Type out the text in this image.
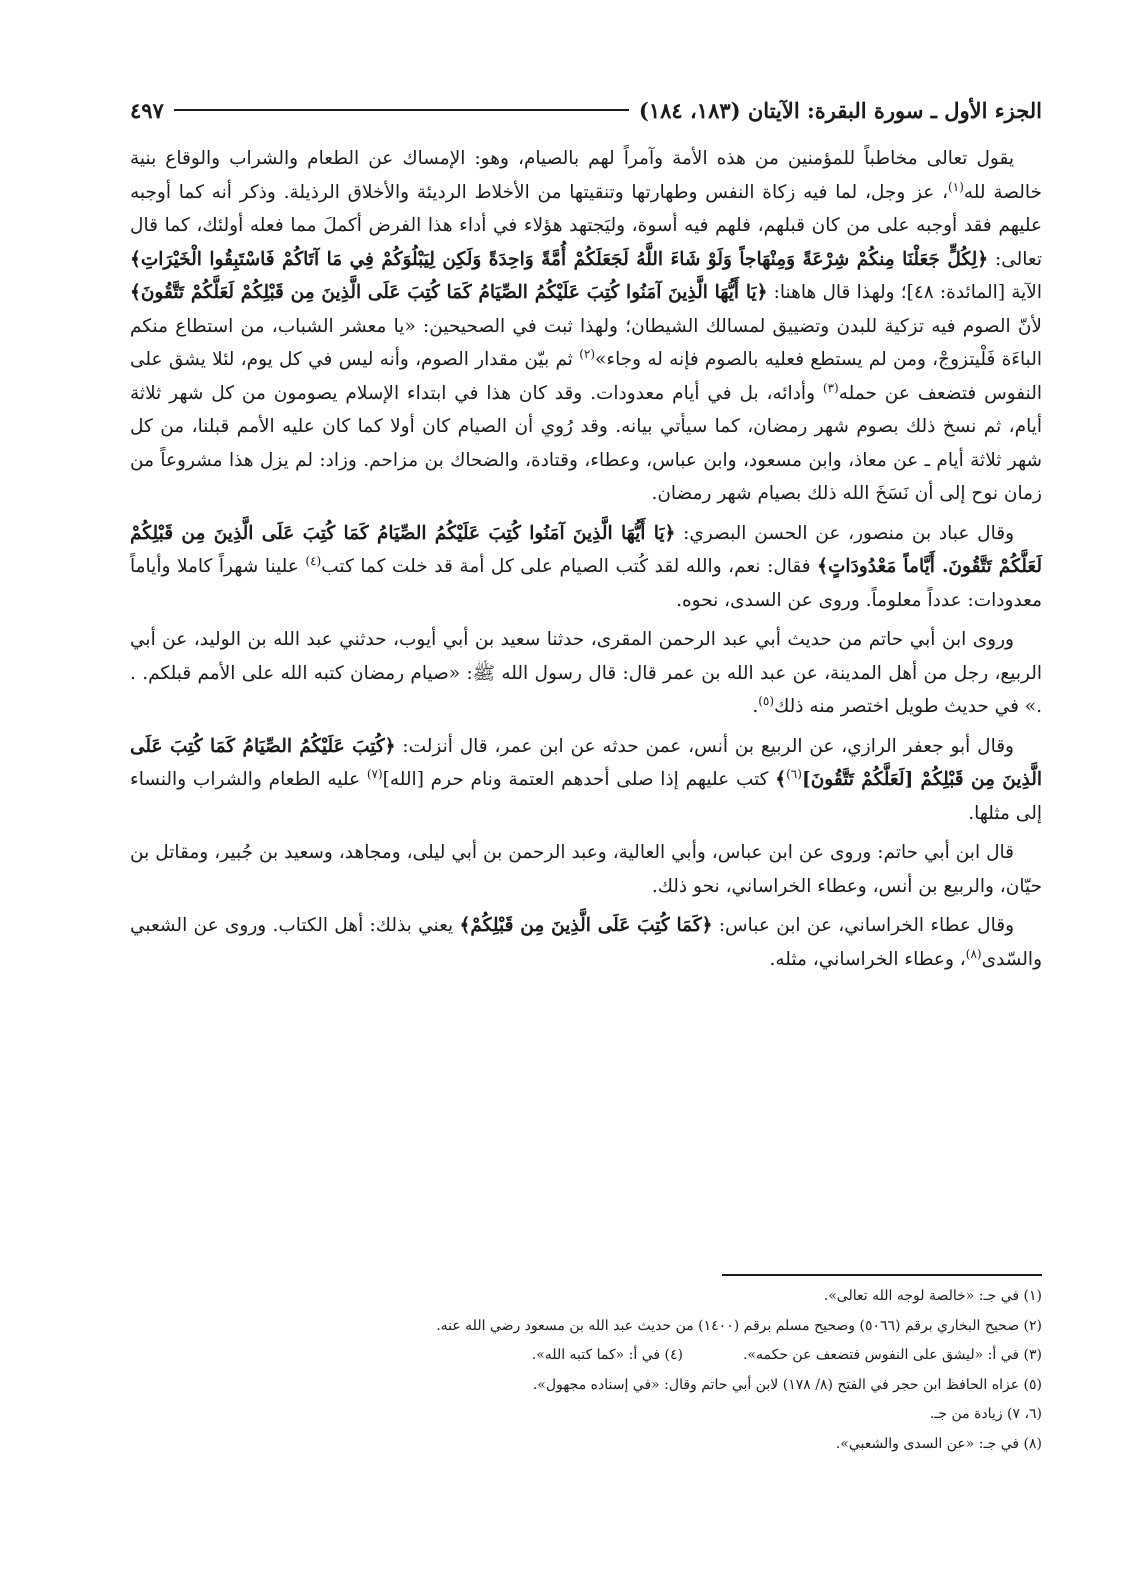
الجزء الأول ـ سورة البقرة: الآيتان (١٨٣، ١٨٤)
٤٩٧

يقول تعالى مخاطباً للمؤمنين من هذه الأمة وآمراً لهم بالصيام، وهو: الإمساك عن الطعام والشراب والوقاع بنية خالصة لله$^{(١)}$، عز وجل، لما فيه زكاة النفس وطهارتها وتنقيتها من الأخلاط الرديئة والأخلاق الرذيلة. وذكر أنه كما أوجبه عليهم فقد أوجبه على من كان قبلهم، فلهم فيه أسوة، وليَجتهد هؤلاء في أداء هذا الفرض أكملَ مما فعله أولئك، كما قال تعالى: ﴿لِكُلٍّ جَعَلْنَا مِنكُمْ شِرْعَةً وَمِنْهَاجاً وَلَوْ شَاءَ اللَّهُ لَجَعَلَكُمْ أُمَّةً وَاحِدَةً وَلَكِن لِيَبْلُوَكُمْ فِي مَا آتَاكُمْ فَاسْتَبِقُوا الْخَيْرَاتِ﴾ الآية [المائدة: ٤٨]؛ ولهذا قال هاهنا: ﴿يَا أَيُّهَا الَّذِينَ آمَنُوا كُتِبَ عَلَيْكُمُ الصِّيَامُ كَمَا كُتِبَ عَلَى الَّذِينَ مِن قَبْلِكُمْ لَعَلَّكُمْ تَتَّقُونَ﴾ لأنّ الصوم فيه تزكية للبدن وتضييق لمسالك الشيطان؛ ولهذا ثبت في الصحيحين: «يا معشر الشباب، من استطاع منكم الباءَة فَلْيتزوجْ، ومن لم يستطع فعليه بالصوم فإنه له وجاء»$^{(٢)}$ ثم بيّن مقدار الصوم، وأنه ليس في كل يوم، لئلا يشق على النفوس فتضعف عن حمله$^{(٣)}$ وأدائه، بل في أيام معدودات. وقد كان هذا في ابتداء الإسلام يصومون من كل شهر ثلاثة أيام، ثم نسخ ذلك بصوم شهر رمضان، كما سيأتي بيانه. وقد رُوي أن الصيام كان أولا كما كان عليه الأمم قبلنا، من كل شهر ثلاثة أيام ـ عن معاذ، وابن مسعود، وابن عباس، وعطاء، وقتادة، والضحاك بن مزاحم. وزاد: لم يزل هذا مشروعاً من زمان نوح إلى أن نَسَخَ الله ذلك بصيام شهر رمضان.

وقال عباد بن منصور، عن الحسن البصري: ﴿يَا أَيُّهَا الَّذِينَ آمَنُوا كُتِبَ عَلَيْكُمُ الصِّيَامُ كَمَا كُتِبَ عَلَى الَّذِينَ مِن قَبْلِكُمْ لَعَلَّكُمْ تَتَّقُونَ. أَيَّاماً مَعْدُودَاتٍ﴾ فقال: نعم، والله لقد كُتب الصيام على كل أمة قد خلت كما كتب$^{(٤)}$ علينا شهراً كاملا وأياماً معدودات: عدداً معلوماً. وروى عن السدى، نحوه.

وروى ابن أبي حاتم من حديث أبي عبد الرحمن المقرى، حدثنا سعيد بن أبي أيوب، حدثني عبد الله بن الوليد، عن أبي الربيع، رجل من أهل المدينة، عن عبد الله بن عمر قال: قال رسول الله ﷺ: «صيام رمضان كتبه الله على الأمم قبلكم. . .» في حديث طويل اختصر منه ذلك$^{(٥)}$.

وقال أبو جعفر الرازي، عن الربيع بن أنس، عمن حدثه عن ابن عمر، قال أنزلت: ﴿كُتِبَ عَلَيْكُمُ الصِّيَامُ كَمَا كُتِبَ عَلَى الَّذِينَ مِن قَبْلِكُمْ [لَعَلَّكُمْ تَتَّقُونَ]$^{(٦)}$﴾ كتب عليهم إذا صلى أحدهم العتمة ونام حرم [الله]$^{(٧)}$ عليه الطعام والشراب والنساء إلى مثلها.

قال ابن أبي حاتم: وروى عن ابن عباس، وأبي العالية، وعبد الرحمن بن أبي ليلى، ومجاهد، وسعيد بن جُبير، ومقاتل بن حيّان، والربيع بن أنس، وعطاء الخراساني، نحو ذلك.

وقال عطاء الخراساني، عن ابن عباس: ﴿كَمَا كُتِبَ عَلَى الَّذِينَ مِن قَبْلِكُمْ﴾ يعني بذلك: أهل الكتاب. وروى عن الشعبي والسّدى$^{(٨)}$، وعطاء الخراساني، مثله.

(١) في جـ: «خالصة لوجه الله تعالى».
(٢) صحيح البخاري برقم (٥٠٦٦) وصحيح مسلم برقم (١٤٠٠) من حديث عبد الله بن مسعود رضي الله عنه.
(٣) في أ: «ليشق على النفوس فتضعف عن حكمه».(٤) في أ: «كما كتبه الله».
(٥) عزاه الحافظ ابن حجر في الفتح (٨/ ١٧٨) لابن أبي حاتم وقال: «في إسناده مجهول».
(٦، ٧) زيادة من جـ.
(٨) في جـ: «عن السدى والشعبي».
